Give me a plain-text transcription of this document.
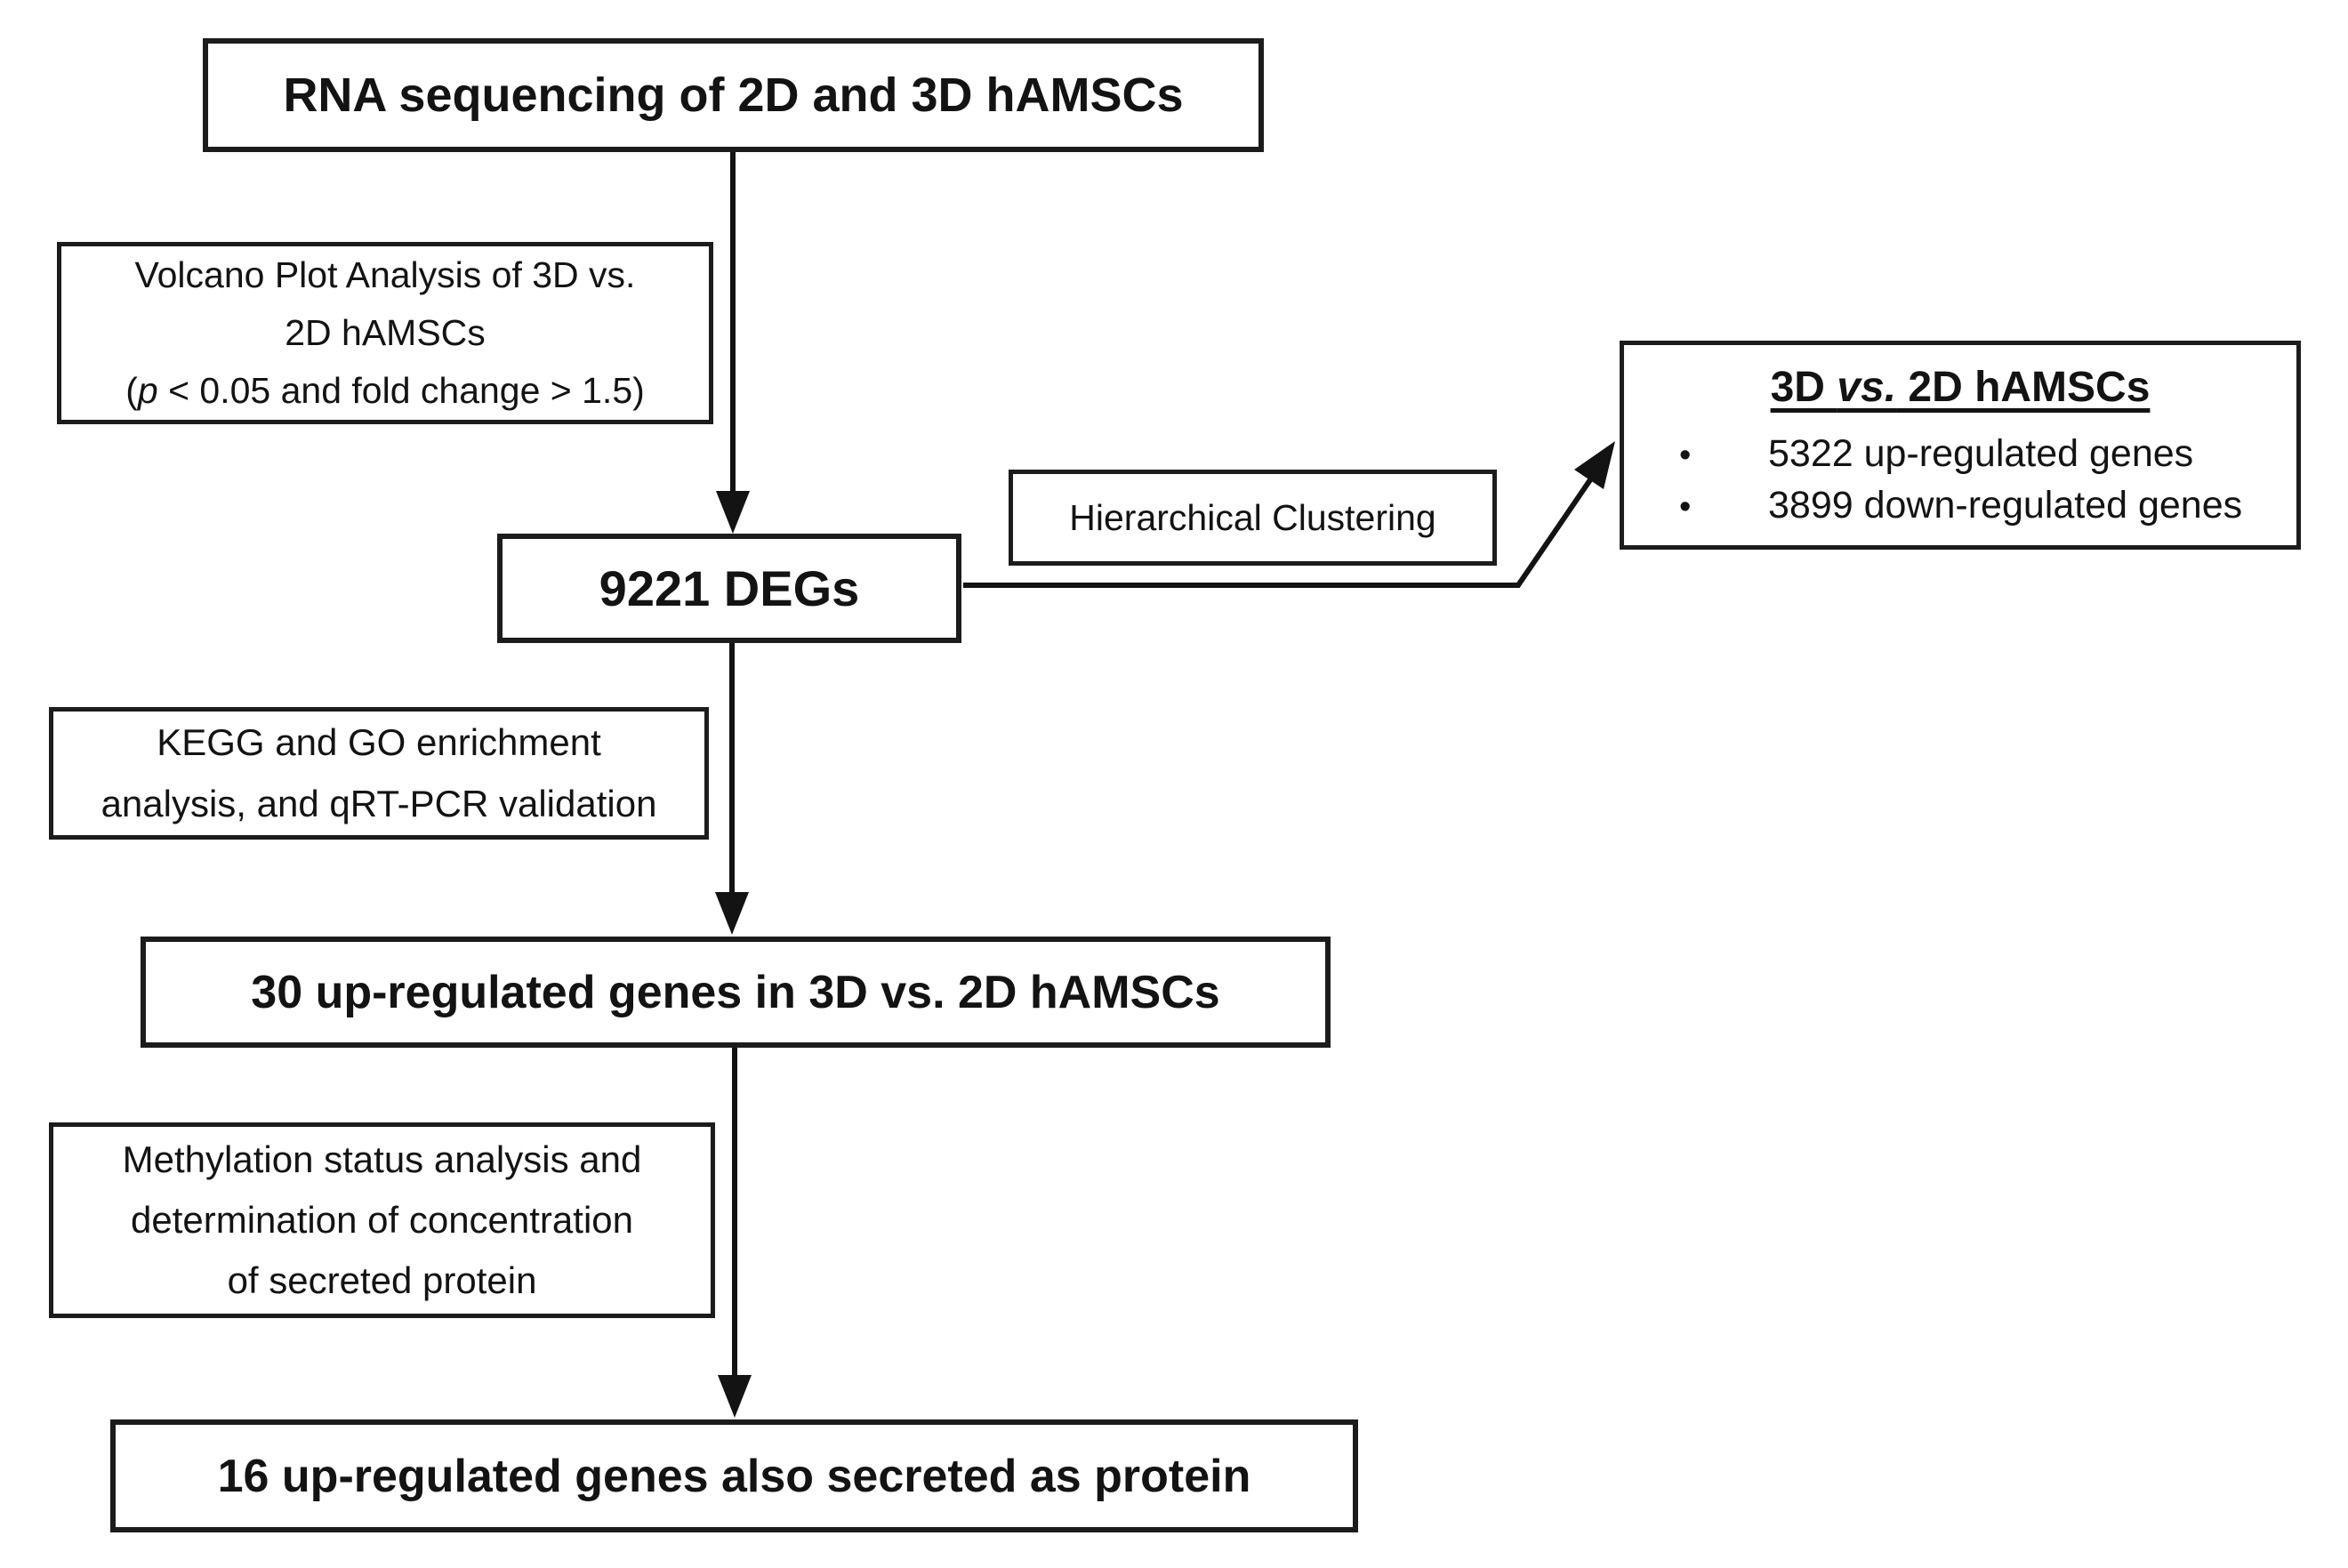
RNA sequencing of 2D and 3D hAMSCs
Volcano Plot Analysis of 3D vs.
2D hAMSCs
(p < 0.05 and fold change > 1.5)
9221 DEGs
Hierarchical Clustering
3D vs. 2D hAMSCs
•	5322 up-regulated genes
•	3899 down-regulated genes
KEGG and GO enrichment
analysis, and qRT-PCR validation
30 up-regulated genes in 3D vs. 2D hAMSCs
Methylation status analysis and
determination of concentration
of secreted protein
16 up-regulated genes also secreted as protein
